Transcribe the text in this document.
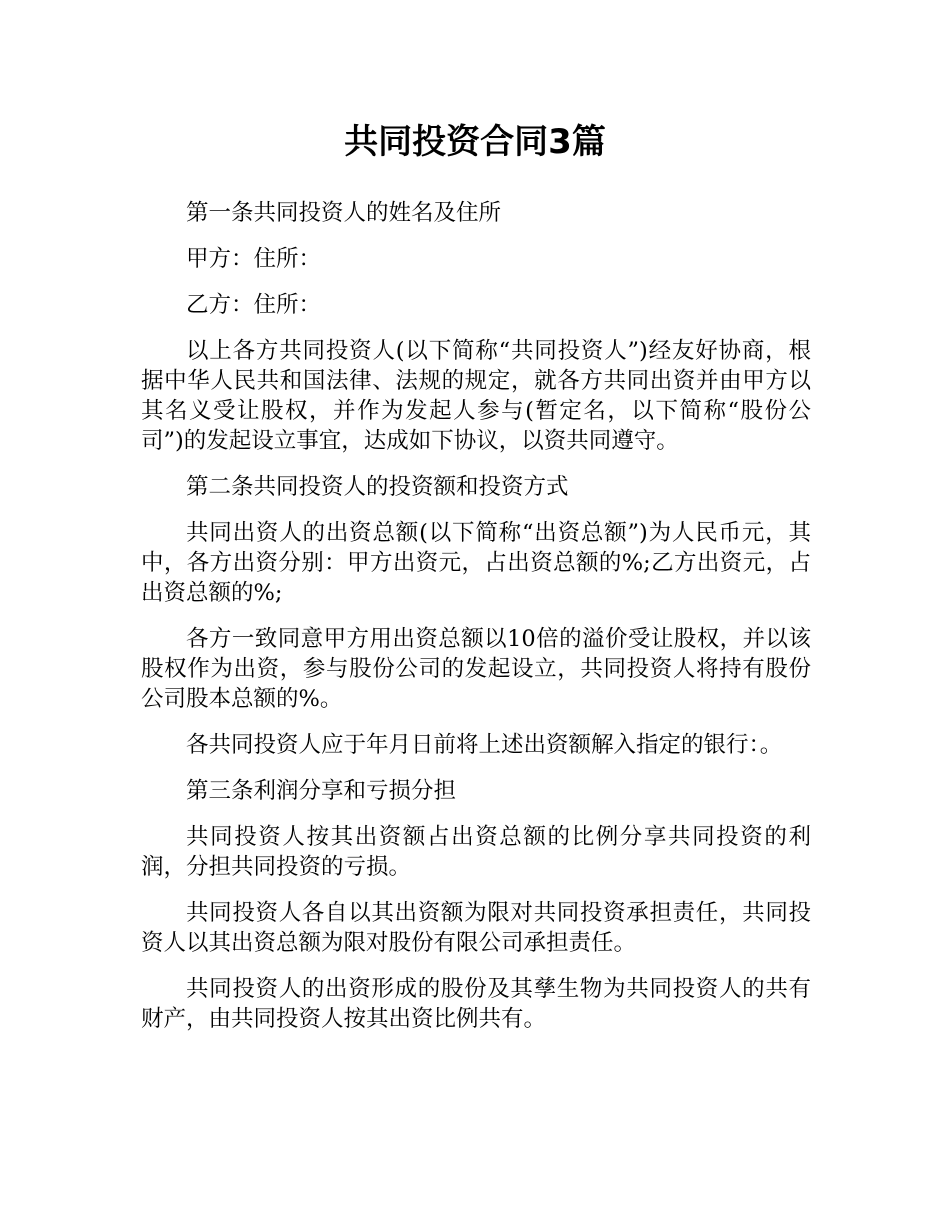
共同投资合同3篇

第一条共同投资人的姓名及住所

甲方：住所：

乙方：住所：

以上各方共同投资人(以下简称“共同投资人”)经友好协商，根据中华人民共和国法律、法规的规定，就各方共同出资并由甲方以其名义受让股权，并作为发起人参与(暂定名，以下简称“股份公司”)的发起设立事宜，达成如下协议，以资共同遵守。

第二条共同投资人的投资额和投资方式

共同出资人的出资总额(以下简称“出资总额”)为人民币元，其中，各方出资分别：甲方出资元，占出资总额的%;乙方出资元，占出资总额的%;

各方一致同意甲方用出资总额以10倍的溢价受让股权，并以该股权作为出资，参与股份公司的发起设立，共同投资人将持有股份公司股本总额的%。

各共同投资人应于年月日前将上述出资额解入指定的银行：。

第三条利润分享和亏损分担

共同投资人按其出资额占出资总额的比例分享共同投资的利润，分担共同投资的亏损。

共同投资人各自以其出资额为限对共同投资承担责任，共同投资人以其出资总额为限对股份有限公司承担责任。

共同投资人的出资形成的股份及其孳生物为共同投资人的共有财产，由共同投资人按其出资比例共有。
